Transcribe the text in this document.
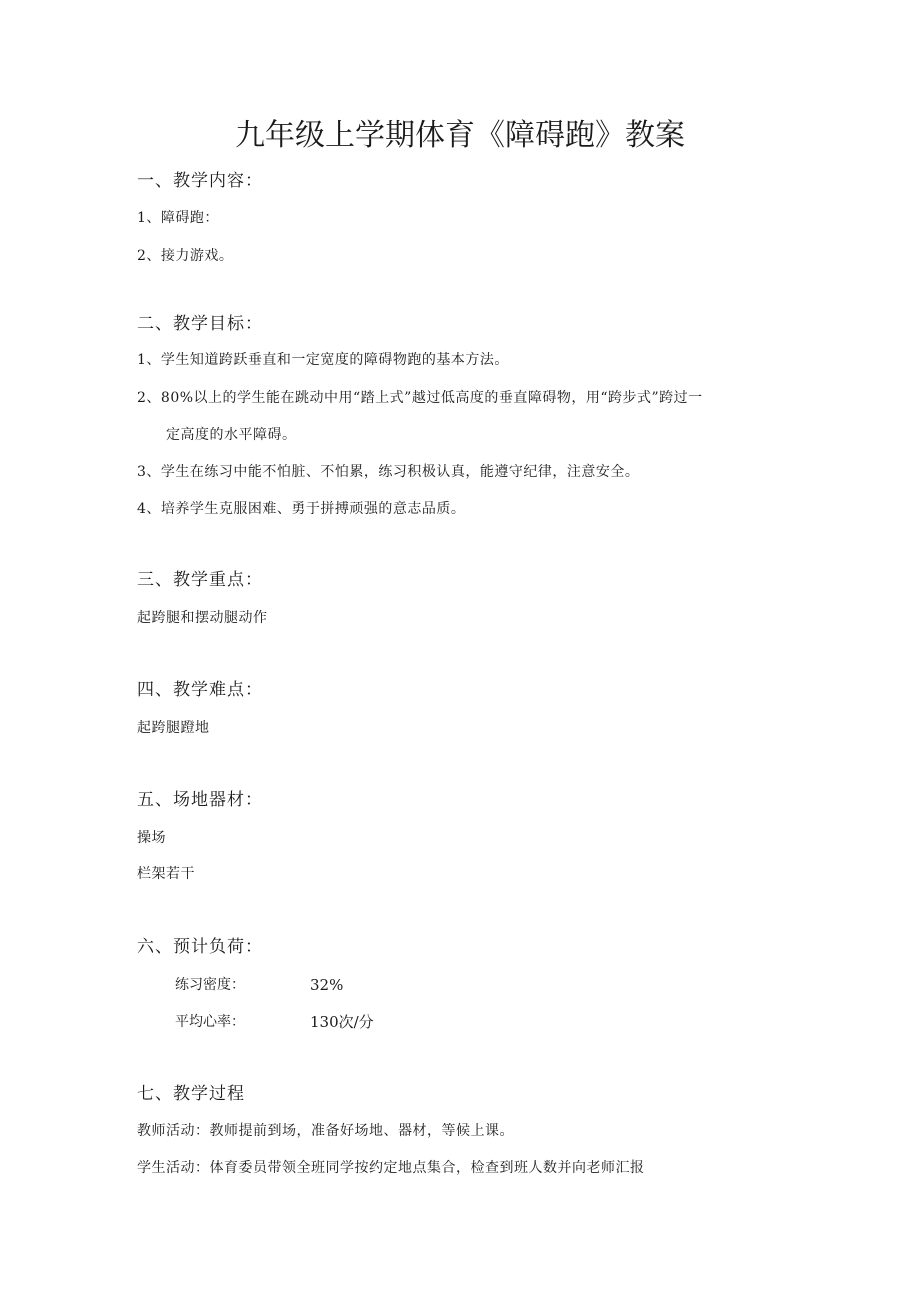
九年级上学期体育《障碍跑》教案
一、教学内容：
1、障碍跑：
2、接力游戏。
二、教学目标：
1、学生知道跨跃垂直和一定宽度的障碍物跑的基本方法。
2、80%以上的学生能在跳动中用“踏上式”越过低高度的垂直障碍物，用“跨步式”跨过一
定高度的水平障碍。
3、学生在练习中能不怕脏、不怕累，练习积极认真，能遵守纪律，注意安全。
4、培养学生克服困难、勇于拼搏顽强的意志品质。
三、教学重点：
起跨腿和摆动腿动作
四、教学难点：
起跨腿蹬地
五、场地器材：
操场
栏架若干
六、预计负荷：
练习密度：	32%
平均心率：	130次/分
七、教学过程
教师活动：教师提前到场，准备好场地、器材，等候上课。
学生活动：体育委员带领全班同学按约定地点集合，检查到班人数并向老师汇报
